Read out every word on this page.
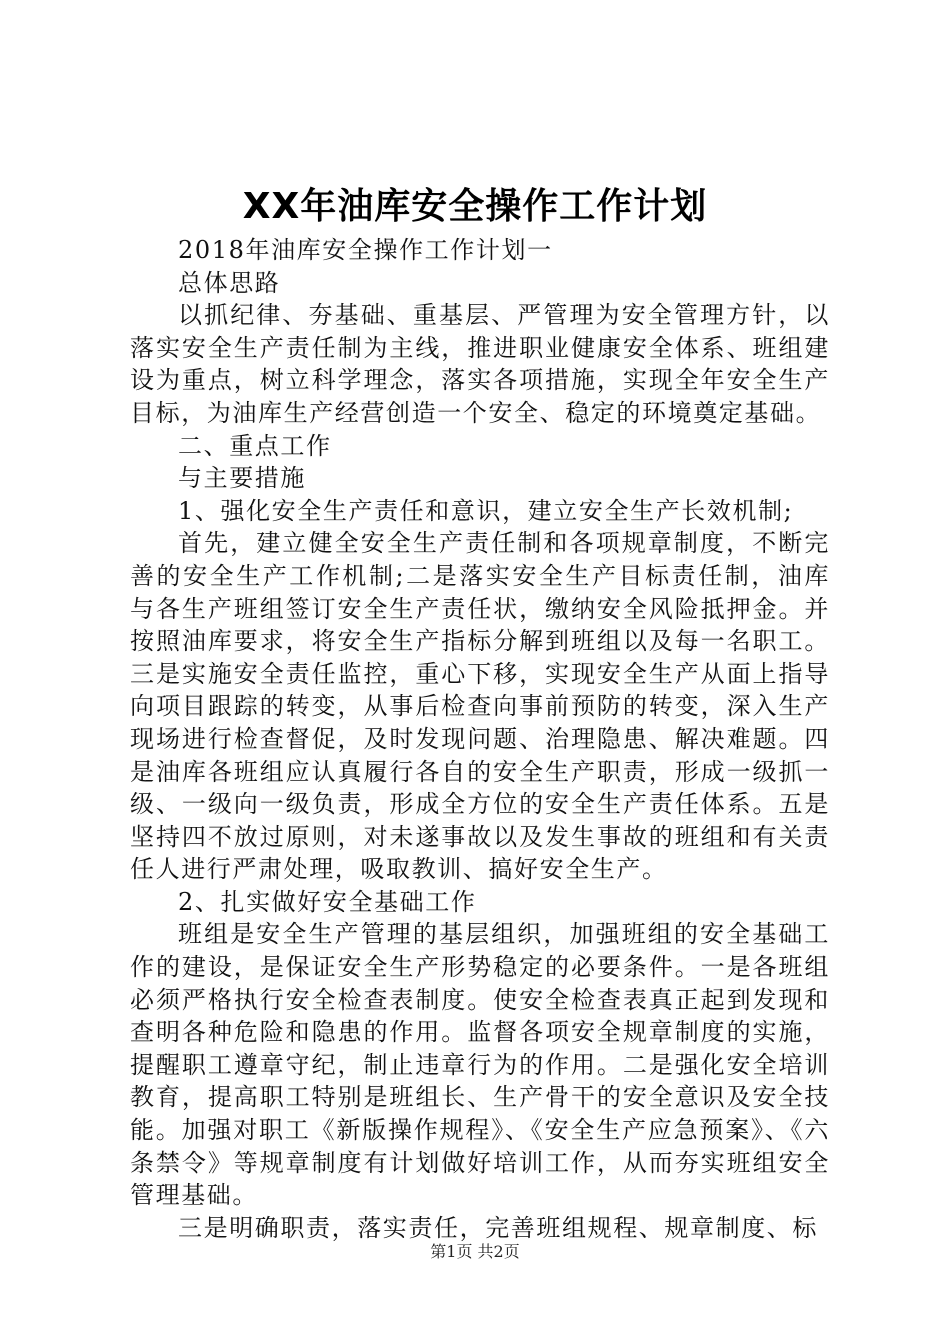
XX年油库安全操作工作计划

2018年油库安全操作工作计划一

总体思路

以抓纪律、夯基础、重基层、严管理为安全管理方针，以落实安全生产责任制为主线，推进职业健康安全体系、班组建设为重点，树立科学理念，落实各项措施，实现全年安全生产目标，为油库生产经营创造一个安全、稳定的环境奠定基础。

二、重点工作

与主要措施

1、强化安全生产责任和意识，建立安全生产长效机制;

首先，建立健全安全生产责任制和各项规章制度，不断完善的安全生产工作机制;二是落实安全生产目标责任制，油库与各生产班组签订安全生产责任状，缴纳安全风险抵押金。并按照油库要求，将安全生产指标分解到班组以及每一名职工。三是实施安全责任监控，重心下移，实现安全生产从面上指导向项目跟踪的转变，从事后检查向事前预防的转变，深入生产现场进行检查督促，及时发现问题、治理隐患、解决难题。四是油库各班组应认真履行各自的安全生产职责，形成一级抓一级、一级向一级负责，形成全方位的安全生产责任体系。五是坚持四不放过原则，对未遂事故以及发生事故的班组和有关责任人进行严肃处理，吸取教训、搞好安全生产。

2、扎实做好安全基础工作

班组是安全生产管理的基层组织，加强班组的安全基础工作的建设，是保证安全生产形势稳定的必要条件。一是各班组必须严格执行安全检查表制度。使安全检查表真正起到发现和查明各种危险和隐患的作用。监督各项安全规章制度的实施，提醒职工遵章守纪，制止违章行为的作用。二是强化安全培训教育，提高职工特别是班组长、生产骨干的安全意识及安全技能。加强对职工《新版操作规程》、《安全生产应急预案》、《六条禁令》等规章制度有计划做好培训工作，从而夯实班组安全管理基础。

三是明确职责，落实责任，完善班组规程、规章制度、标

第1页 共2页
